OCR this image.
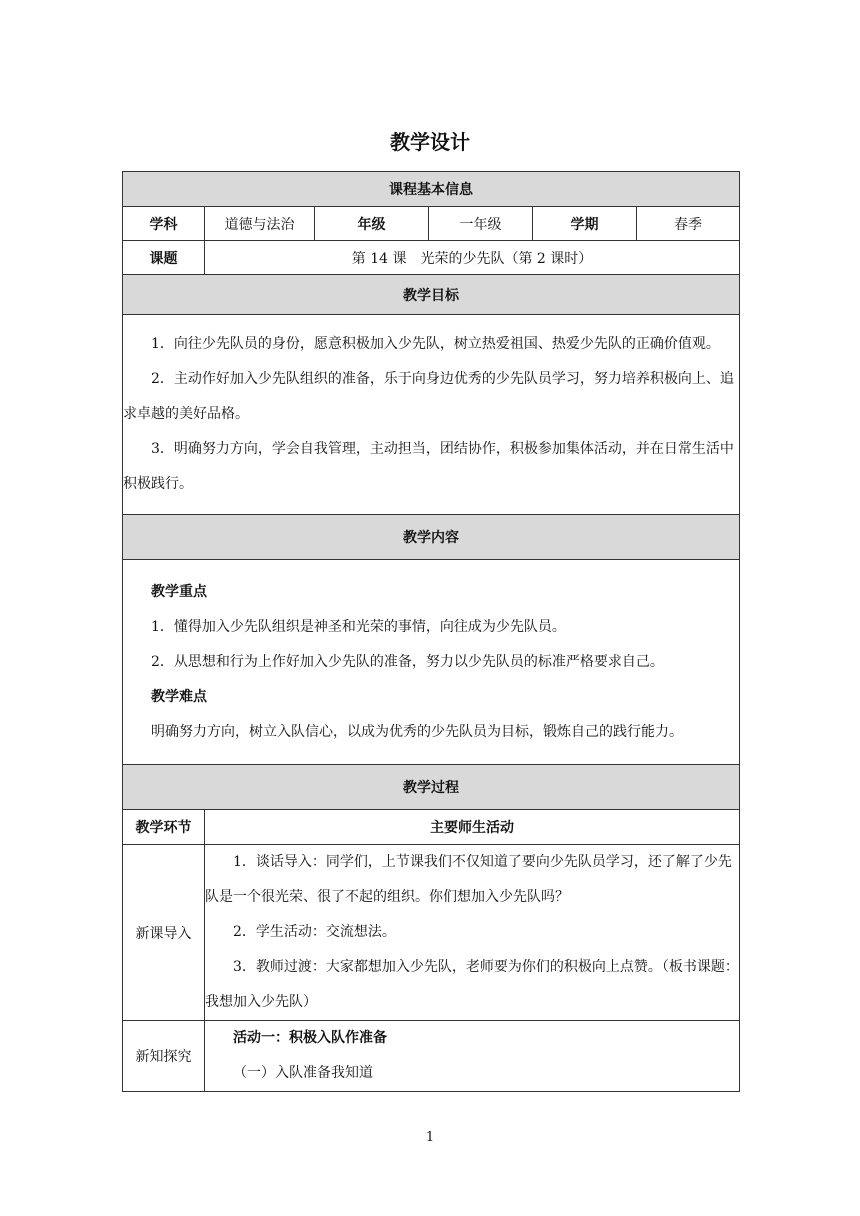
教学设计
课程基本信息					
学科	道德与法治	年级	一年级	学期	春季
课题	第 14 课　光荣的少先队（第 2 课时）				
教学目标					

1．向往少先队员的身份，愿意积极加入少先队，树立热爱祖国、热爱少先队的正确价值观。

2．主动作好加入少先队组织的准备，乐于向身边优秀的少先队员学习，努力培养积极向上、追求卓越的美好品格。

3．明确努力方向，学会自我管理，主动担当，团结协作，积极参加集体活动，并在日常生活中积极践行。					

教学内容					

教学重点

1．懂得加入少先队组织是神圣和光荣的事情，向往成为少先队员。

2．从思想和行为上作好加入少先队的准备，努力以少先队员的标准严格要求自己。

教学难点

明确努力方向，树立入队信心，以成为优秀的少先队员为目标，锻炼自己的践行能力。					

教学过程					
教学环节	主要师生活动				
新课导入	1．谈话导入：同学们，上节课我们不仅知道了要向少先队员学习，还了解了少先队是一个很光荣、很了不起的组织。你们想加入少先队吗？

2．学生活动：交流想法。

3．教师过渡：大家都想加入少先队，老师要为你们的积极向上点赞。（板书课题：我想加入少先队）				

新知探究	活动一：积极入队作准备

（一）入队准备我知道				

1
